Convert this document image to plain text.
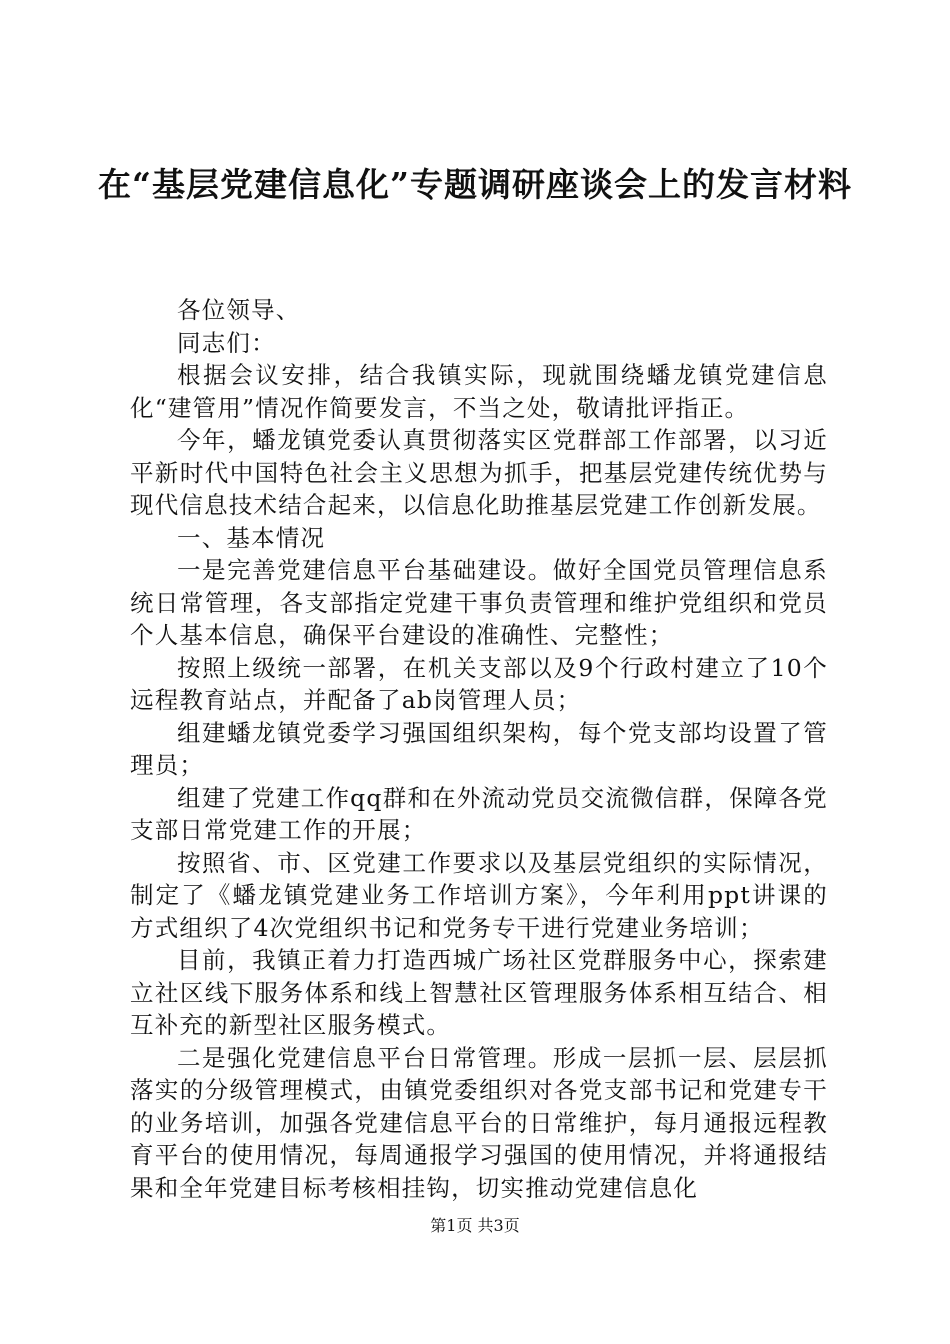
在“基层党建信息化”专题调研座谈会上的发言材料

各位领导、

同志们：

根据会议安排，结合我镇实际，现就围绕蟠龙镇党建信息化“建管用”情况作简要发言，不当之处，敬请批评指正。

今年，蟠龙镇党委认真贯彻落实区党群部工作部署，以习近平新时代中国特色社会主义思想为抓手，把基层党建传统优势与现代信息技术结合起来，以信息化助推基层党建工作创新发展。

一、基本情况

一是完善党建信息平台基础建设。做好全国党员管理信息系统日常管理，各支部指定党建干事负责管理和维护党组织和党员个人基本信息，确保平台建设的准确性、完整性；

按照上级统一部署，在机关支部以及9个行政村建立了10个远程教育站点，并配备了ab岗管理人员；

组建蟠龙镇党委学习强国组织架构，每个党支部均设置了管理员；

组建了党建工作qq群和在外流动党员交流微信群，保障各党支部日常党建工作的开展；

按照省、市、区党建工作要求以及基层党组织的实际情况，制定了《蟠龙镇党建业务工作培训方案》，今年利用ppt讲课的方式组织了4次党组织书记和党务专干进行党建业务培训；

目前，我镇正着力打造西城广场社区党群服务中心，探索建立社区线下服务体系和线上智慧社区管理服务体系相互结合、相互补充的新型社区服务模式。

二是强化党建信息平台日常管理。形成一层抓一层、层层抓落实的分级管理模式，由镇党委组织对各党支部书记和党建专干的业务培训，加强各党建信息平台的日常维护，每月通报远程教育平台的使用情况，每周通报学习强国的使用情况，并将通报结果和全年党建目标考核相挂钩，切实推动党建信息化

第1页 共3页
